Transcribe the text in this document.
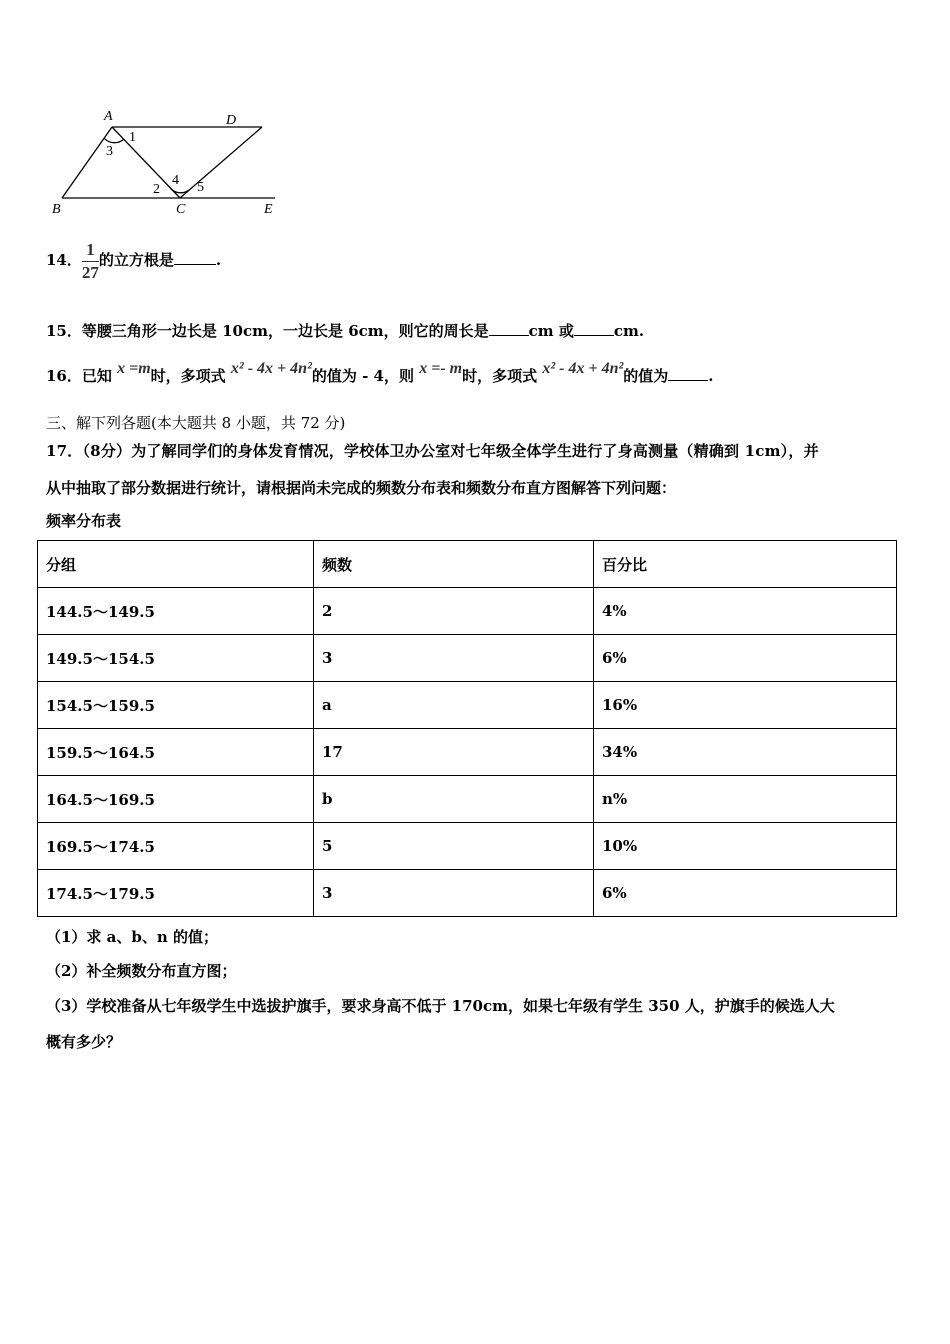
A	D
B	C	E
1
3
2
4 5
14． $\frac{1}{27}$ 的立方根是	.
15．等腰三角形一边长是 10cm，一边长是 6cm，则它的周长是	cm 或	cm.
16．已知 x =m时，多项式 x² - 4x + 4n²的值为 - 4，则 x =- m时，多项式 x² - 4x + 4n²的值为	.
三、解下列各题(本大题共 8 小题，共 72 分)
17．（8分）为了解同学们的身体发育情况，学校体卫办公室对七年级全体学生进行了身高测量（精确到 1cm），并
从中抽取了部分数据进行统计，请根据尚未完成的频数分布表和频数分布直方图解答下列问题：
频率分布表
分组	频数	百分比
144.5～149.5	2	4%
149.5～154.5	3	6%
154.5～159.5	a	16%
159.5～164.5	17	34%
164.5～169.5	b	n%
169.5～174.5	5	10%
174.5～179.5	3	6%
（1）求 a、b、n 的值；
（2）补全频数分布直方图；
（3）学校准备从七年级学生中选拔护旗手，要求身高不低于 170cm，如果七年级有学生 350 人，护旗手的候选人大
概有多少？
